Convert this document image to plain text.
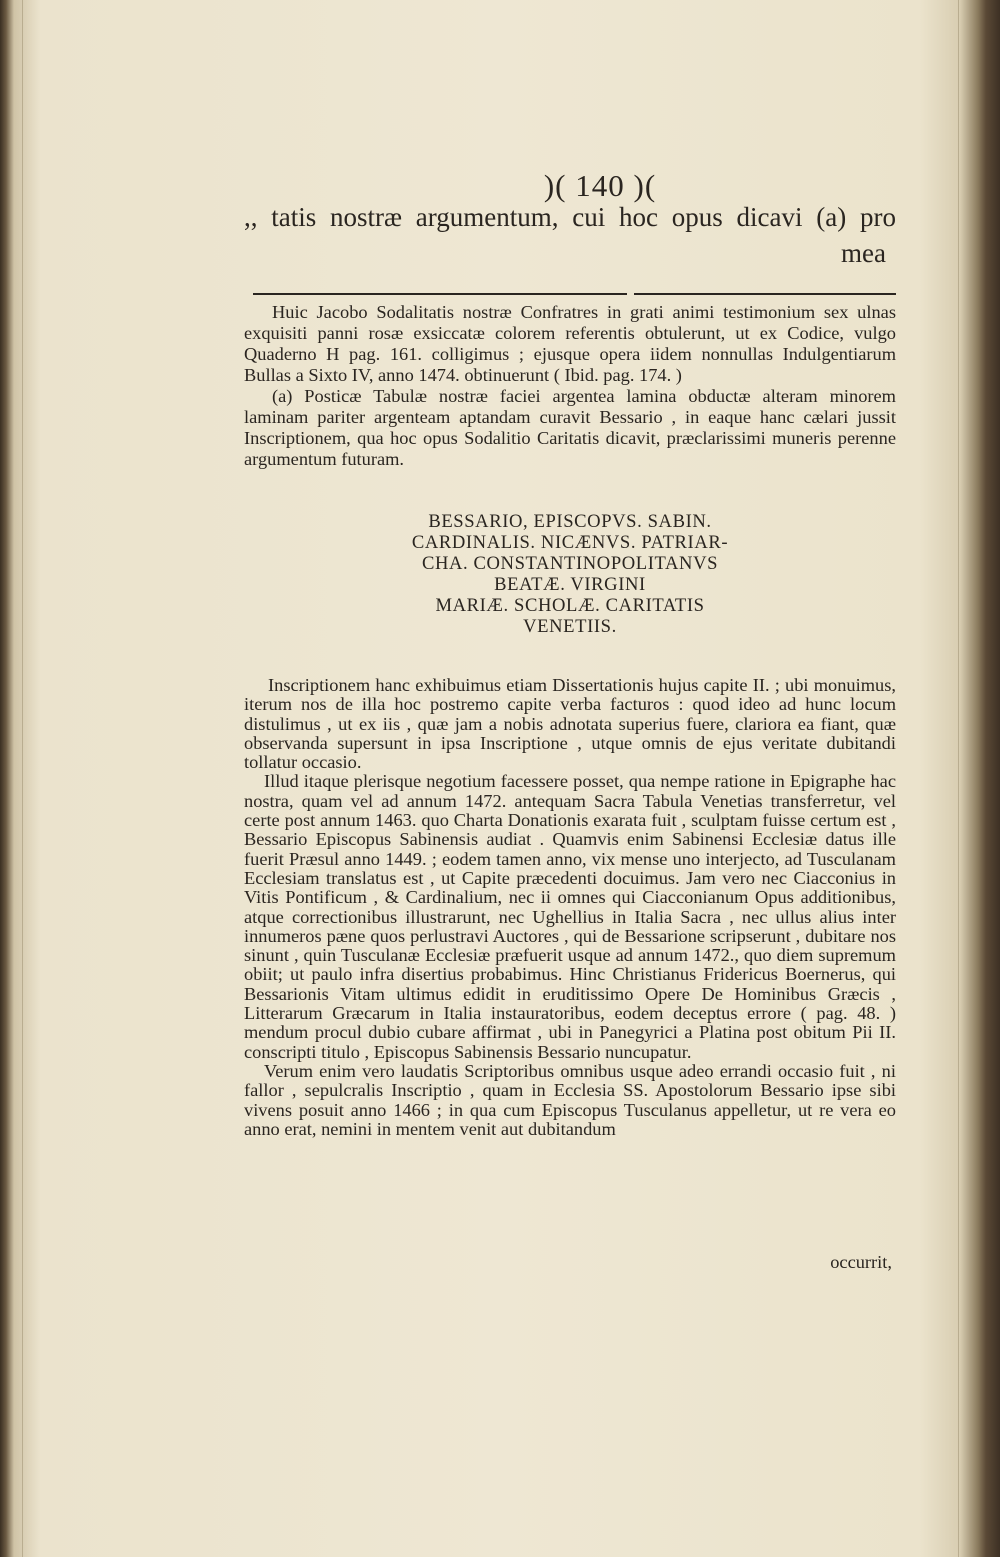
)( 140 )(
,, tatis nostræ argumentum, cui hoc opus dicavi (a) pro
mea

Huic Jacobo Sodalitatis nostræ Confratres in grati animi testimonium sex ulnas exquisiti panni rosæ exsiccatæ colorem referentis obtulerunt, ut ex Codice, vulgo Quaderno H pag. 161. colligimus ; ejusque opera iidem nonnullas Indulgentiarum Bullas a Sixto IV, anno 1474. obtinuerunt ( Ibid. pag. 174. )

(a) Posticæ Tabulæ nostræ faciei argentea lamina obductæ alteram minorem laminam pariter argenteam aptandam curavit Bessario , in eaque hanc cælari jussit Inscriptionem, qua hoc opus Sodalitio Caritatis dicavit, præclarissimi muneris perenne argumentum futuram.

BESSARIO, EPISCOPVS. SABIN.
CARDINALIS. NICÆNVS. PATRIAR-
CHA. CONSTANTINOPOLITANVS
BEATÆ. VIRGINI
MARIÆ. SCHOLÆ. CARITATIS
VENETIIS.

Inscriptionem hanc exhibuimus etiam Dissertationis hujus capite II. ; ubi monuimus, iterum nos de illa hoc postremo capite verba facturos : quod ideo ad hunc locum distulimus , ut ex iis , quæ jam a nobis adnotata superius fuere, clariora ea fiant, quæ observanda supersunt in ipsa Inscriptione , utque omnis de ejus veritate dubitandi tollatur occasio.

Illud itaque plerisque negotium facessere posset, qua nempe ratione in Epigraphe hac nostra, quam vel ad annum 1472. antequam Sacra Tabula Venetias transferretur, vel certe post annum 1463. quo Charta Donationis exarata fuit , sculptam fuisse certum est , Bessario Episcopus Sabinensis audiat . Quamvis enim Sabinensi Ecclesiæ datus ille fuerit Præsul anno 1449. ; eodem tamen anno, vix mense uno interjecto, ad Tusculanam Ecclesiam translatus est , ut Capite præcedenti docuimus. Jam vero nec Ciacconius in Vitis Pontificum , & Cardinalium, nec ii omnes qui Ciacconianum Opus additionibus, atque correctionibus illustrarunt, nec Ughellius in Italia Sacra , nec ullus alius inter innumeros pæne quos perlustravi Auctores , qui de Bessarione scripserunt , dubitare nos sinunt , quin Tusculanæ Ecclesiæ præfuerit usque ad annum 1472., quo diem supremum obiit; ut paulo infra disertius probabimus. Hinc Christianus Fridericus Boernerus, qui Bessarionis Vitam ultimus edidit in eruditissimo Opere De Hominibus Græcis , Litterarum Græcarum in Italia instauratoribus, eodem deceptus errore ( pag. 48. ) mendum procul dubio cubare affirmat , ubi in Panegyrici a Platina post obitum Pii II. conscripti titulo , Episcopus Sabinensis Bessario nuncupatur.

Verum enim vero laudatis Scriptoribus omnibus usque adeo errandi occasio fuit , ni fallor , sepulcralis Inscriptio , quam in Ecclesia SS. Apostolorum Bessario ipse sibi vivens posuit anno 1466 ; in qua cum Episcopus Tusculanus appelletur, ut re vera eo anno erat, nemini in mentem venit aut dubitandum

occurrit,
